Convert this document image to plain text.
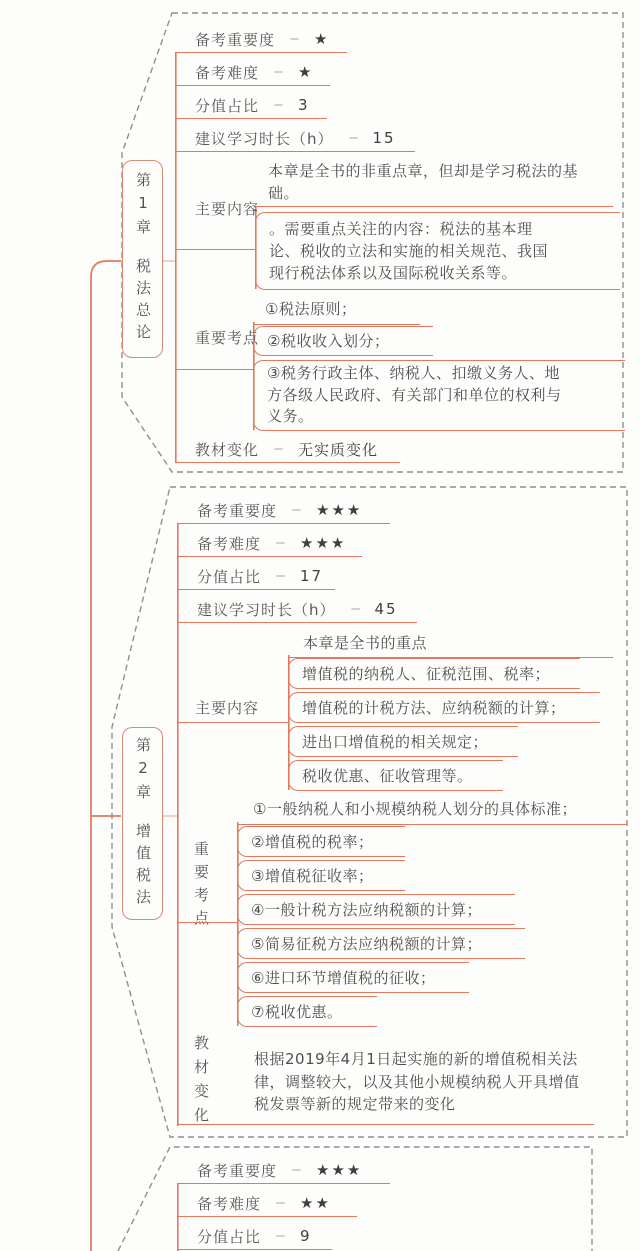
第1章
税法总论
备考重要度	★
备考难度	★
分值占比	3
建议学习时长（h）	15
主要内容
本章是全书的非重点章，但却是学习税法的基础。
。需要重点关注的内容：税法的基本理论、税收的立法和实施的相关规范、我国现行税法体系以及国际税收关系等。
重要考点
①税法原则；
②税收收入划分；
③税务行政主体、纳税人、扣缴义务人、地方各级人民政府、有关部门和单位的权利与义务。
教材变化	无实质变化
第2章
增值税法
备考重要度	★★★
备考难度	★★★
分值占比	17
建议学习时长（h）	45
主要内容
本章是全书的重点
增值税的纳税人、征税范围、税率；
增值税的计税方法、应纳税额的计算；
进出口增值税的相关规定；
税收优惠、征收管理等。
重要考点
①一般纳税人和小规模纳税人划分的具体标准；
②增值税的税率；
③增值税征收率；
④一般计税方法应纳税额的计算；
⑤简易征税方法应纳税额的计算；
⑥进口环节增值税的征收；
⑦税收优惠。
教材变化
根据2019年4月1日起实施的新的增值税相关法律，调整较大，以及其他小规模纳税人开具增值税发票等新的规定带来的变化
备考重要度	★★★
备考难度	★★
分值占比	9
